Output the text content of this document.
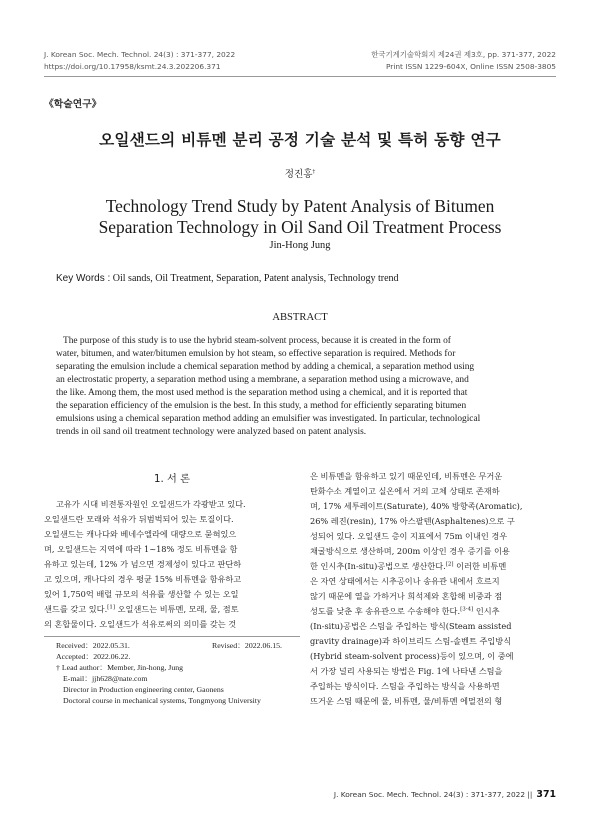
J. Korean Soc. Mech. Technol. 24(3) : 371-377, 2022
https://doi.org/10.17958/ksmt.24.3.202206.371
한국기계기술학회지 제24권 제3호, pp. 371-377, 2022
Print ISSN 1229-604X, Online ISSN 2508-3805
《학술연구》
오일샌드의 비튜멘 분리 공정 기술 분석 및 특허 동향 연구
정진홍†
Technology Trend Study by Patent Analysis of Bitumen
Separation Technology in Oil Sand Oil Treatment Process
Jin-Hong Jung
Key Words : Oil sands, Oil Treatment, Separation, Patent analysis, Technology trend
ABSTRACT
The purpose of this study is to use the hybrid steam-solvent process, because it is created in the form of
water, bitumen, and water/bitumen emulsion by hot steam, so effective separation is required. Methods for
separating the emulsion include a chemical separation method by adding a chemical, a separation method using
an electrostatic property, a separation method using a membrane, a separation method using a microwave, and
the like. Among them, the most used method is the separation method using a chemical, and it is reported that
the separation efficiency of the emulsion is the best. In this study, a method for efficiently separating bitumen
emulsions using a chemical separation method adding an emulsifier was investigated. In particular, technological
trends in oil sand oil treatment technology were analyzed based on patent analysis.
1. 서 론
고유가 시대 비전통자원인 오일샌드가 각광받고 있다.
오일샌드란 모래와 석유가 뒤범벅되어 있는 토질이다.
오일샌드는 캐나다와 베네수엘라에 대량으로 묻혀있으
며, 오일샌드는 지역에 따라 1~18% 정도 비튜멘을 함
유하고 있는데, 12% 가 넘으면 경제성이 있다고 판단하
고 있으며, 캐나다의 경우 평균 15% 비튜멘을 함유하고
있어 1,750억 배럴 규모의 석유를 생산할 수 있는 오일
샌드를 갖고 있다.[1] 오일샌드는 비튜멘, 모래, 물, 점토
의 혼합물이다. 오일샌드가 석유로써의 의미를 갖는 것
Received：2022.05.31.	Revised：2022.06.15.
Accepted：2022.06.22.
† Lead author：Member, Jin-hong, Jung
E-mail：jjh628@nate.com
Director in Production engineering center, Gaonens
Doctoral course in mechanical systems, Tongmyong University
은 비튜멘을 함유하고 있기 때문인데, 비튜멘은 무거운
탄화수소 계열이고 실온에서 거의 고체 상태로 존재하
며, 17% 세투레이트(Saturate), 40% 방향족(Aromatic),
26% 레진(resin), 17% 아스팔텐(Asphaltenes)으로 구
성되어 있다. 오일샌드 층이 지표에서 75m 이내인 경우
채굴방식으로 생산하며, 200m 이상인 경우 증기를 이용
한 인시추(In-situ)공법으로 생산한다.[2] 이러한 비튜멘
은 자연 상태에서는 시추공이나 송유관 내에서 흐르지
않기 때문에 열을 가하거나 희석제와 혼합해 비중과 점
성도를 낮춘 후 송유관으로 수송해야 한다.[3-4] 인시추
(In-situ)공법은 스팀을 주입하는 방식(Steam assisted
gravity drainage)과 하이브리드 스팀-솔벤트 주입방식
(Hybrid steam-solvent process)등이 있으며, 이 중에
서 가장 널리 사용되는 방법은 Fig. 1에 나타낸 스팀을
주입하는 방식이다. 스팀을 주입하는 방식을 사용하면
뜨거운 스팀 때문에 물, 비튜멘, 물/비튜멘 에멀젼의 형
J. Korean Soc. Mech. Technol. 24(3) : 371-377, 2022 || 371
